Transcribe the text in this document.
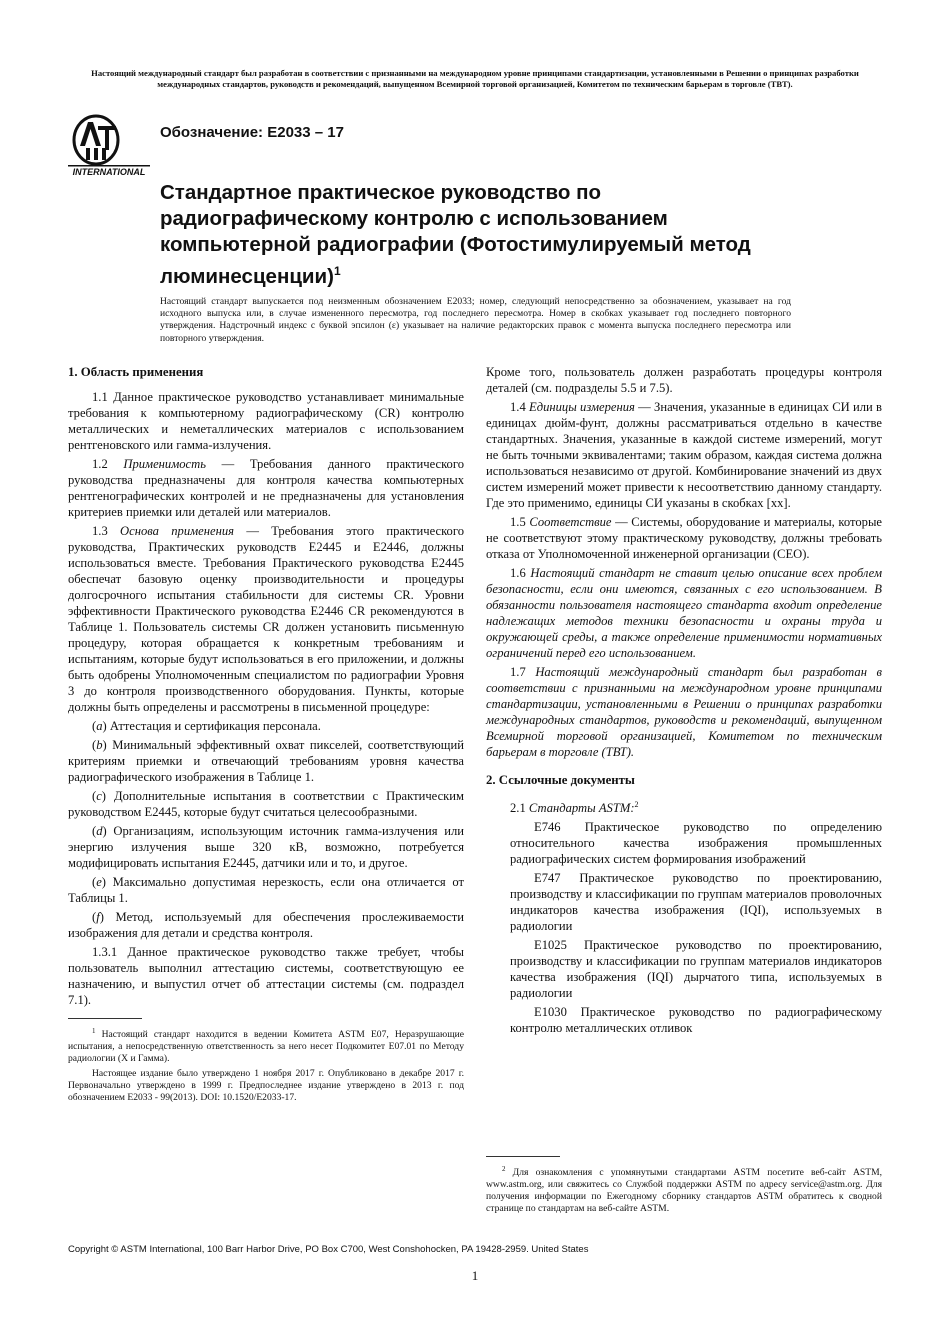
Настоящий международный стандарт был разработан в соответствии с признанными на международном уровне принципами стандартизации, установленными в Решении о принципах разработки международных стандартов, руководств и рекомендаций, выпущенном Всемирной торговой организацией, Комитетом по техническим барьерам в торговле (ТВТ).
INTERNATIONAL
Обозначение: E2033 – 17
Стандартное практическое руководство по радиографическому контролю с использованием компьютерной радиографии (Фотостимулируемый метод люминесценции)$^1$
Настоящий стандарт выпускается под неизменным обозначением E2033; номер, следующий непосредственно за обозначением, указывает на год исходного выпуска или, в случае измененного пересмотра, год последнего пересмотра. Номер в скобках указывает год последнего повторного утверждения. Надстрочный индекс с буквой эпсилон (ε) указывает на наличие редакторских правок с момента выпуска последнего пересмотра или повторного утверждения.
1. Область применения

1.1 Данное практическое руководство устанавливает минимальные требования к компьютерному радиографическому (CR) контролю металлических и неметаллических материалов с использованием рентгеновского или гамма-излучения.

1.2 Применимость — Требования данного практического руководства предназначены для контроля качества компьютерных рентгенографических контролей и не предназначены для установления критериев приемки или деталей или материалов.

1.3 Основа применения — Требования этого практического руководства, Практических руководств E2445 и E2446, должны использоваться вместе. Требования Практического руководства E2445 обеспечат базовую оценку производительности и процедуры долгосрочного испытания стабильности для системы CR. Уровни эффективности Практического руководства E2446 CR рекомендуются в Таблице 1. Пользователь системы CR должен установить письменную процедуру, которая обращается к конкретным требованиям и испытаниям, которые будут использоваться в его приложении, и должны быть одобрены Уполномоченным специалистом по радиографии Уровня 3 до контроля производственного оборудования. Пункты, которые должны быть определены и рассмотрены в письменной процедуре:

(a) Аттестация и сертификация персонала.

(b) Минимальный эффективный охват пикселей, соответствующий критериям приемки и отвечающий требованиям уровня качества радиографического изображения в Таблице 1.

(c) Дополнительные испытания в соответствии с Практическим руководством E2445, которые будут считаться целесообразными.

(d) Организациям, использующим источник гамма-излучения или энергию излучения выше 320 кВ, возможно, потребуется модифицировать испытания E2445, датчики или и то, и другое.

(e) Максимально допустимая нерезкость, если она отличается от Таблицы 1.

(f) Метод, используемый для обеспечения прослеживаемости изображения для детали и средства контроля.

1.3.1 Данное практическое руководство также требует, чтобы пользователь выполнил аттестацию системы, соответствующую ее назначению, и выпустил отчет об аттестации системы (см. подраздел 7.1).

$^1$ Настоящий стандарт находится в ведении Комитета ASTM E07, Неразрушающие испытания, а непосредственную ответственность за него несет Подкомитет E07.01 по Методу радиологии (X и Гамма).

Настоящее издание было утверждено 1 ноября 2017 г. Опубликовано в декабре 2017 г. Первоначально утверждено в 1999 г. Предпоследнее издание утверждено в 2013 г. под обозначением E2033 - 99(2013). DOI: 10.1520/E2033-17.

Кроме того, пользователь должен разработать процедуры контроля деталей (см. подразделы 5.5 и 7.5).

1.4 Единицы измерения — Значения, указанные в единицах СИ или в единицах дюйм-фунт, должны рассматриваться отдельно в качестве стандартных. Значения, указанные в каждой системе измерений, могут не быть точными эквивалентами; таким образом, каждая система должна использоваться независимо от другой. Комбинирование значений из двух систем измерений может привести к несоответствию данному стандарту. Где это применимо, единицы СИ указаны в скобках [xx].

1.5 Соответствие — Системы, оборудование и материалы, которые не соответствуют этому практическому руководству, должны требовать отказа от Уполномоченной инженерной организации (CEO).

1.6 Настоящий стандарт не ставит целью описание всех проблем безопасности, если они имеются, связанных с его использованием. В обязанности пользователя настоящего стандарта входит определение надлежащих методов техники безопасности и охраны труда и окружающей среды, а также определение применимости нормативных ограничений перед его использованием.

1.7 Настоящий международный стандарт был разработан в соответствии с признанными на международном уровне принципами стандартизации, установленными в Решении о принципах разработки международных стандартов, руководств и рекомендаций, выпущенном Всемирной торговой организацией, Комитетом по техническим барьерам в торговле (ТВТ).

2. Ссылочные документы

2.1 Стандарты ASTM:$^2$

E746 Практическое руководство по определению относительного качества изображения промышленных радиографических систем формирования изображений

E747 Практическое руководство по проектированию, производству и классификации по группам материалов проволочных индикаторов качества изображения (IQI), используемых в радиологии

E1025 Практическое руководство по проектированию, производству и классификации по группам материалов индикаторов качества изображения (IQI) дырчатого типа, используемых в радиологии

E1030 Практическое руководство по радиографическому контролю металлических отливок

$^2$ Для ознакомления с упомянутыми стандартами ASTM посетите веб-сайт ASTM, www.astm.org, или свяжитесь со Службой поддержки ASTM по адресу service@astm.org. Для получения информации по Ежегодному сборнику стандартов ASTM обратитесь к сводной странице по стандартам на веб-сайте ASTM.

Copyright © ASTM International, 100 Barr Harbor Drive, PO Box C700, West Conshohocken, PA 19428-2959. United States
1
